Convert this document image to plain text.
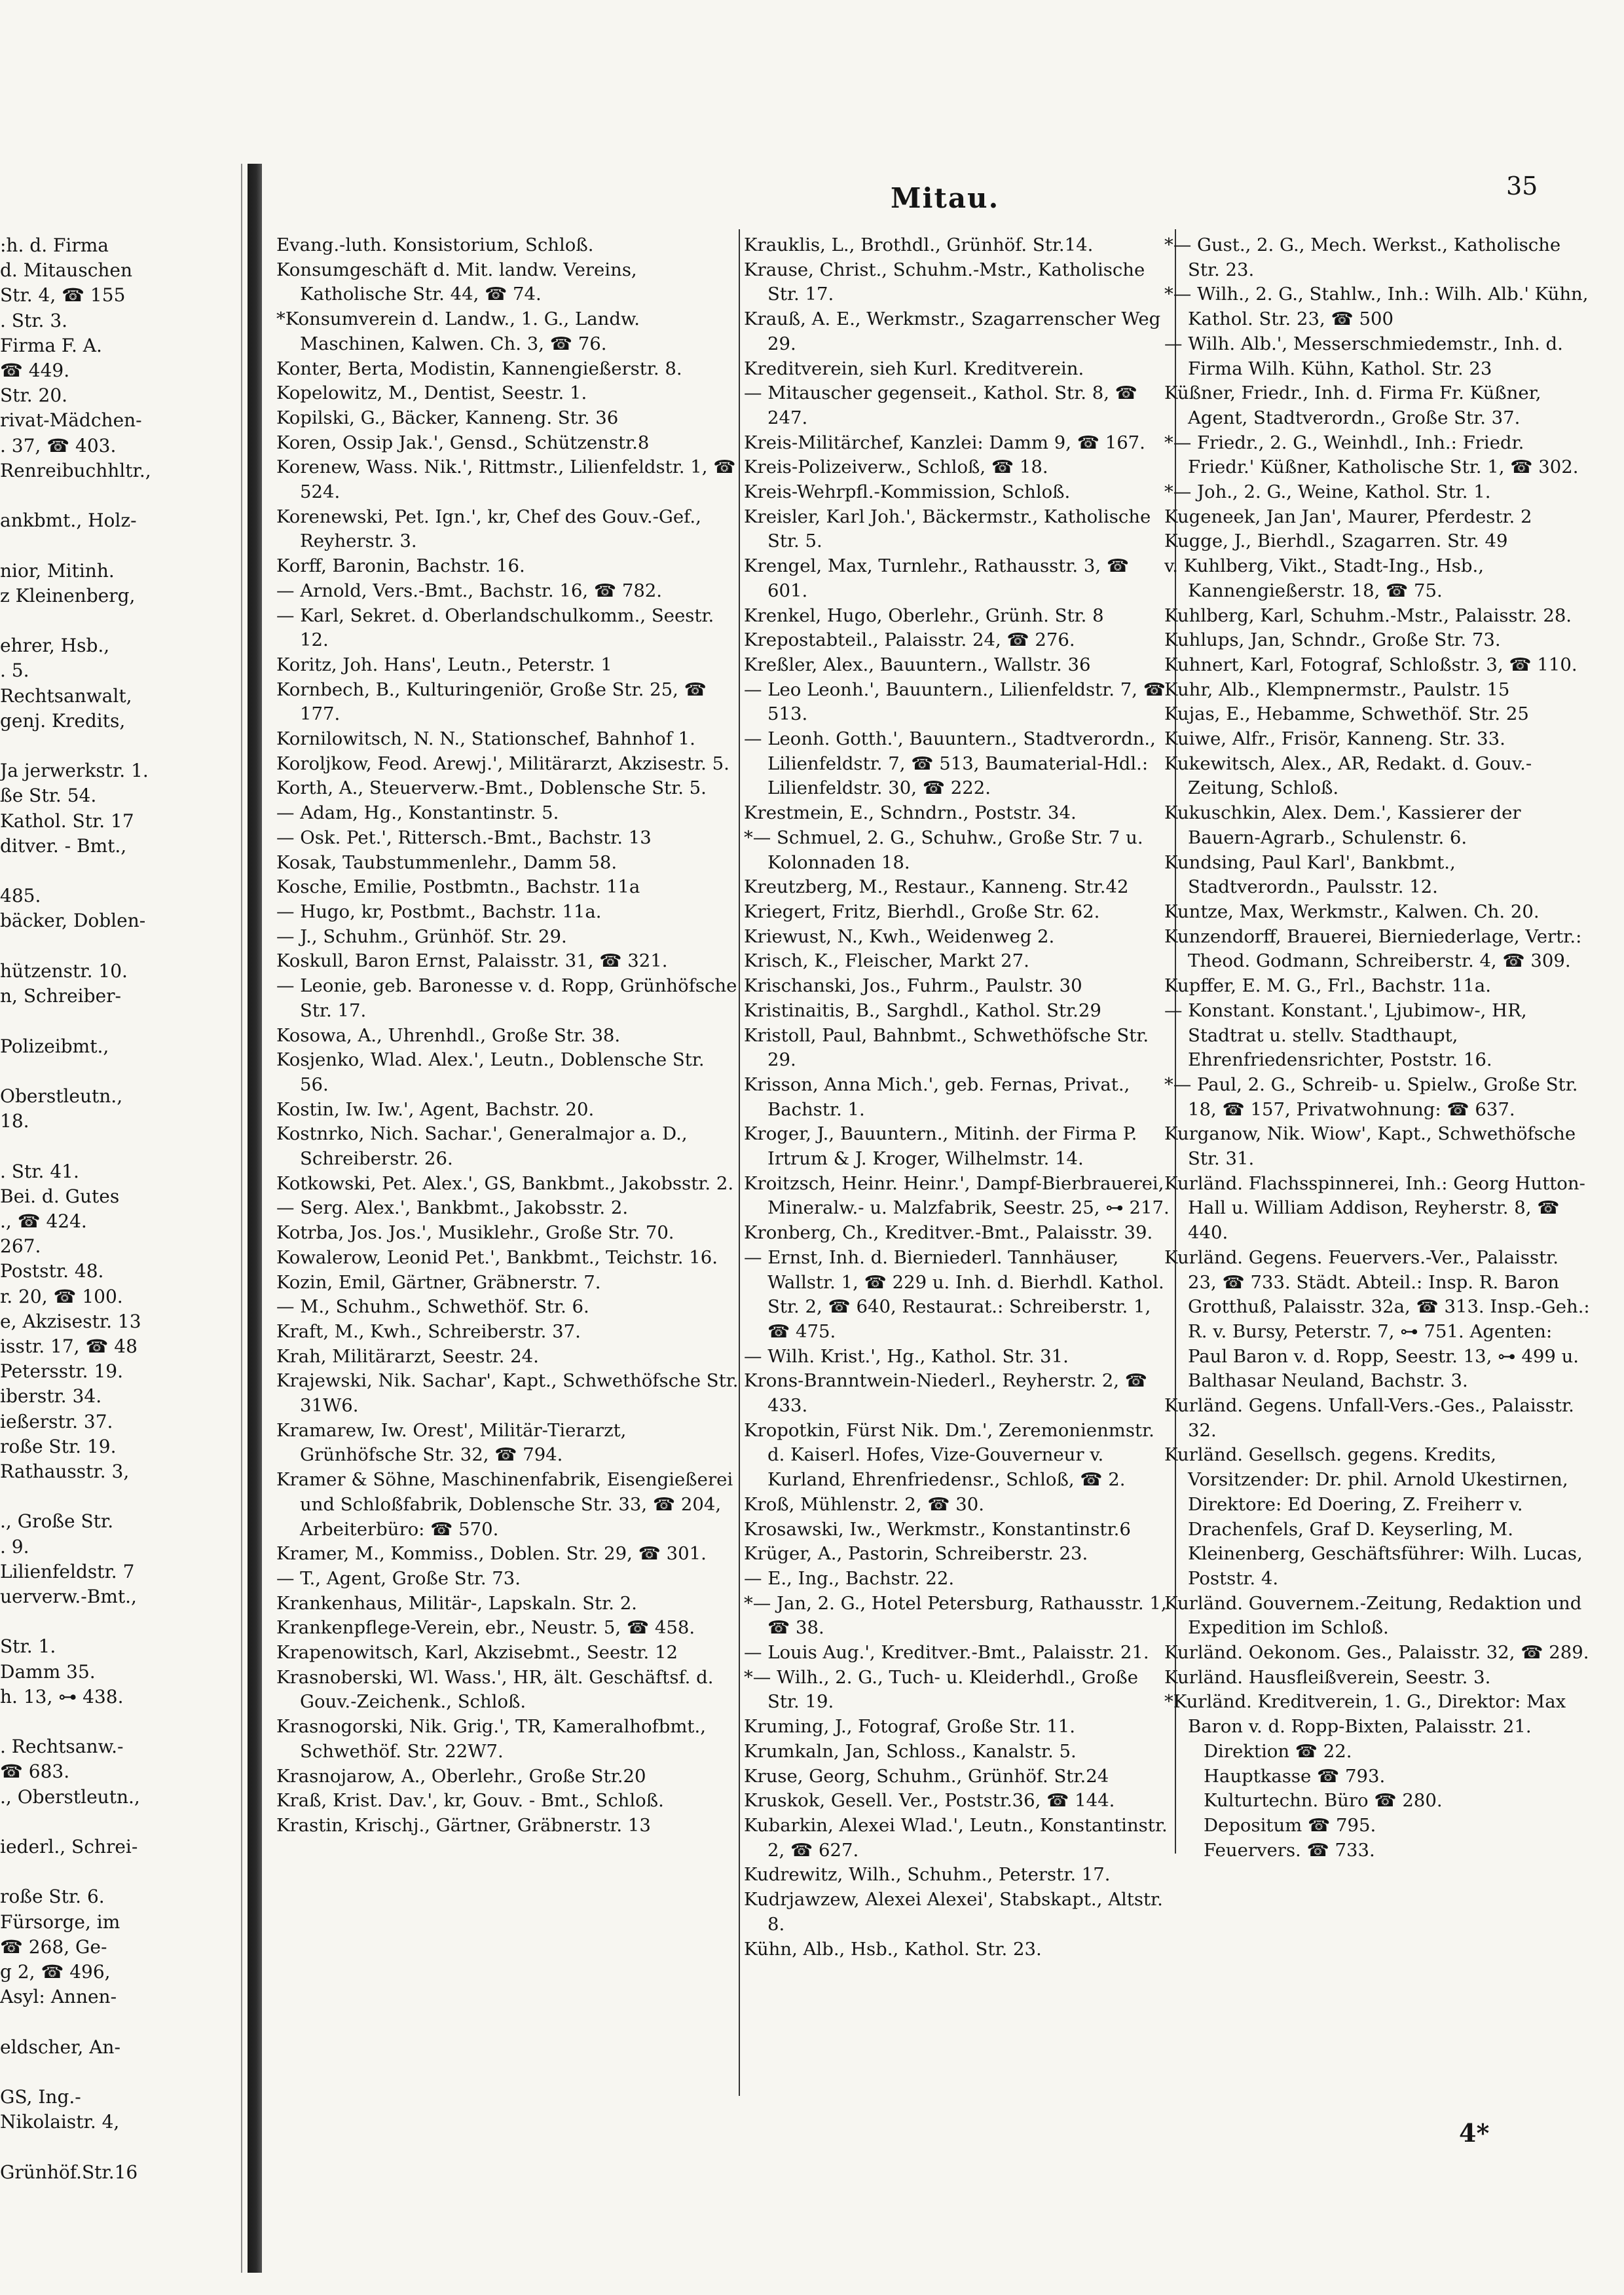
Mitau.	35

:h. d. Firma

d. Mitauschen

Str. 4, ☎ 155

. Str. 3.

Firma F. A.

☎ 449.

Str. 20.

rivat-Mädchen-

. 37, ☎ 403.

Renreibuchhltr.,

ankbmt., Holz-

nior, Mitinh.

z Kleinenberg,

ehrer, Hsb.,

. 5.

Rechtsanwalt,

genj. Kredits,

Ja jerwerkstr. 1.

ße Str. 54.

Kathol. Str. 17

ditver. - Bmt.,

485.

bäcker, Doblen-

hützenstr. 10.

n, Schreiber-

Polizeibmt.,

Oberstleutn.,

18.

. Str. 41.

Bei. d. Gutes

., ☎ 424.

267.

Poststr. 48.

r. 20, ☎ 100.

e, Akzisestr. 13

isstr. 17, ☎ 48

Petersstr. 19.

iberstr. 34.

ießerstr. 37.

roße Str. 19.

Rathausstr. 3,

., Große Str.

. 9.

Lilienfeldstr. 7

uerverw.-Bmt.,

Str. 1.

Damm 35.

h. 13, ⊶ 438.

. Rechtsanw.-

☎ 683.

., Oberstleutn.,

iederl., Schrei-

roße Str. 6.

Fürsorge, im

☎ 268, Ge-

g 2, ☎ 496,

Asyl: Annen-

eldscher, An-

GS, Ing.-

Nikolaistr. 4,

Grünhöf.Str.16

Evang.-luth. Konsistorium, Schloß.

Konsumgeschäft d. Mit. landw. Vereins, Katholische Str. 44, ☎ 74.

*Konsumverein d. Landw., 1. G., Landw. Maschinen, Kalwen. Ch. 3, ☎ 76.

Konter, Berta, Modistin, Kannengießerstr. 8.

Kopelowitz, M., Dentist, Seestr. 1.

Kopilski, G., Bäcker, Kanneng. Str. 36

Koren, Ossip Jak.', Gensd., Schützenstr.8

Korenew, Wass. Nik.', Rittmstr., Lilienfeldstr. 1, ☎ 524.

Korenewski, Pet. Ign.', kr, Chef des Gouv.-Gef., Reyherstr. 3.

Korff, Baronin, Bachstr. 16.

— Arnold, Vers.-Bmt., Bachstr. 16, ☎ 782.

— Karl, Sekret. d. Oberlandschulkomm., Seestr. 12.

Koritz, Joh. Hans', Leutn., Peterstr. 1

Kornbech, B., Kulturingeniör, Große Str. 25, ☎ 177.

Kornilowitsch, N. N., Stationschef, Bahnhof 1.

Koroljkow, Feod. Arewj.', Militärarzt, Akzisestr. 5.

Korth, A., Steuerverw.-Bmt., Doblensche Str. 5.

— Adam, Hg., Konstantinstr. 5.

— Osk. Pet.', Rittersch.-Bmt., Bachstr. 13

Kosak, Taubstummenlehr., Damm 58.

Kosche, Emilie, Postbmtn., Bachstr. 11a

— Hugo, kr, Postbmt., Bachstr. 11a.

— J., Schuhm., Grünhöf. Str. 29.

Koskull, Baron Ernst, Palaisstr. 31, ☎ 321.

— Leonie, geb. Baronesse v. d. Ropp, Grünhöfsche Str. 17.

Kosowa, A., Uhrenhdl., Große Str. 38.

Kosjenko, Wlad. Alex.', Leutn., Doblensche Str. 56.

Kostin, Iw. Iw.', Agent, Bachstr. 20.

Kostnrko, Nich. Sachar.', Generalmajor a. D., Schreiberstr. 26.

Kotkowski, Pet. Alex.', GS, Bankbmt., Jakobsstr. 2.

— Serg. Alex.', Bankbmt., Jakobsstr. 2.

Kotrba, Jos. Jos.', Musiklehr., Große Str. 70.

Kowalerow, Leonid Pet.', Bankbmt., Teichstr. 16.

Kozin, Emil, Gärtner, Gräbnerstr. 7.

— M., Schuhm., Schwethöf. Str. 6.

Kraft, M., Kwh., Schreiberstr. 37.

Krah, Militärarzt, Seestr. 24.

Krajewski, Nik. Sachar', Kapt., Schwethöfsche Str. 31W6.

Kramarew, Iw. Orest', Militär-Tierarzt, Grünhöfsche Str. 32, ☎ 794.

Kramer & Söhne, Maschinenfabrik, Eisengießerei und Schloßfabrik, Doblensche Str. 33, ☎ 204, Arbeiterbüro: ☎ 570.

Kramer, M., Kommiss., Doblen. Str. 29, ☎ 301.

— T., Agent, Große Str. 73.

Krankenhaus, Militär-, Lapskaln. Str. 2.

Krankenpflege-Verein, ebr., Neustr. 5, ☎ 458.

Krapenowitsch, Karl, Akzisebmt., Seestr. 12

Krasnoberski, Wl. Wass.', HR, ält. Geschäftsf. d. Gouv.-Zeichenk., Schloß.

Krasnogorski, Nik. Grig.', TR, Kameralhofbmt., Schwethöf. Str. 22W7.

Krasnojarow, A., Oberlehr., Große Str.20

Kraß, Krist. Dav.', kr, Gouv. - Bmt., Schloß.

Krastin, Krischj., Gärtner, Gräbnerstr. 13

Krauklis, L., Brothdl., Grünhöf. Str.14.

Krause, Christ., Schuhm.-Mstr., Katholische Str. 17.

Krauß, A. E., Werkmstr., Szagarrenscher Weg 29.

Kreditverein, sieh Kurl. Kreditverein.

— Mitauscher gegenseit., Kathol. Str. 8, ☎ 247.

Kreis-Militärchef, Kanzlei: Damm 9, ☎ 167.

Kreis-Polizeiverw., Schloß, ☎ 18.

Kreis-Wehrpfl.-Kommission, Schloß.

Kreisler, Karl Joh.', Bäckermstr., Katholische Str. 5.

Krengel, Max, Turnlehr., Rathausstr. 3, ☎ 601.

Krenkel, Hugo, Oberlehr., Grünh. Str. 8

Krepostabteil., Palaisstr. 24, ☎ 276.

Kreßler, Alex., Bauuntern., Wallstr. 36

— Leo Leonh.', Bauuntern., Lilienfeldstr. 7, ☎ 513.

— Leonh. Gotth.', Bauuntern., Stadtverordn., Lilienfeldstr. 7, ☎ 513, Baumaterial-Hdl.: Lilienfeldstr. 30, ☎ 222.

Krestmein, E., Schndrn., Poststr. 34.

*— Schmuel, 2. G., Schuhw., Große Str. 7 u. Kolonnaden 18.

Kreutzberg, M., Restaur., Kanneng. Str.42

Kriegert, Fritz, Bierhdl., Große Str. 62.

Kriewust, N., Kwh., Weidenweg 2.

Krisch, K., Fleischer, Markt 27.

Krischanski, Jos., Fuhrm., Paulstr. 30

Kristinaitis, B., Sarghdl., Kathol. Str.29

Kristoll, Paul, Bahnbmt., Schwethöfsche Str. 29.

Krisson, Anna Mich.', geb. Fernas, Privat., Bachstr. 1.

Kroger, J., Bauuntern., Mitinh. der Firma P. Irtrum & J. Kroger, Wilhelmstr. 14.

Kroitzsch, Heinr. Heinr.', Dampf-Bierbrauerei, Mineralw.- u. Malzfabrik, Seestr. 25, ⊶ 217.

Kronberg, Ch., Kreditver.-Bmt., Palaisstr. 39.

— Ernst, Inh. d. Bierniederl. Tannhäuser, Wallstr. 1, ☎ 229 u. Inh. d. Bierhdl. Kathol. Str. 2, ☎ 640, Restaurat.: Schreiberstr. 1, ☎ 475.

— Wilh. Krist.', Hg., Kathol. Str. 31.

Krons-Branntwein-Niederl., Reyherstr. 2, ☎ 433.

Kropotkin, Fürst Nik. Dm.', Zeremonienmstr. d. Kaiserl. Hofes, Vize-Gouverneur v. Kurland, Ehrenfriedensr., Schloß, ☎ 2.

Kroß, Mühlenstr. 2, ☎ 30.

Krosawski, Iw., Werkmstr., Konstantinstr.6

Krüger, A., Pastorin, Schreiberstr. 23.

— E., Ing., Bachstr. 22.

*— Jan, 2. G., Hotel Petersburg, Rathausstr. 1, ☎ 38.

— Louis Aug.', Kreditver.-Bmt., Palaisstr. 21.

*— Wilh., 2. G., Tuch- u. Kleiderhdl., Große Str. 19.

Kruming, J., Fotograf, Große Str. 11.

Krumkaln, Jan, Schloss., Kanalstr. 5.

Kruse, Georg, Schuhm., Grünhöf. Str.24

Kruskok, Gesell. Ver., Poststr.36, ☎ 144.

Kubarkin, Alexei Wlad.', Leutn., Konstantinstr. 2, ☎ 627.

Kudrewitz, Wilh., Schuhm., Peterstr. 17.

Kudrjawzew, Alexei Alexei', Stabskapt., Altstr. 8.

Kühn, Alb., Hsb., Kathol. Str. 23.

*— Gust., 2. G., Mech. Werkst., Katholische Str. 23.

*— Wilh., 2. G., Stahlw., Inh.: Wilh. Alb.' Kühn, Kathol. Str. 23, ☎ 500

— Wilh. Alb.', Messerschmiedemstr., Inh. d. Firma Wilh. Kühn, Kathol. Str. 23

Küßner, Friedr., Inh. d. Firma Fr. Küßner, Agent, Stadtverordn., Große Str. 37.

*— Friedr., 2. G., Weinhdl., Inh.: Friedr. Friedr.' Küßner, Katholische Str. 1, ☎ 302.

*— Joh., 2. G., Weine, Kathol. Str. 1.

Kugeneek, Jan Jan', Maurer, Pferdestr. 2

Kugge, J., Bierhdl., Szagarren. Str. 49

v. Kuhlberg, Vikt., Stadt-Ing., Hsb., Kannengießerstr. 18, ☎ 75.

Kuhlberg, Karl, Schuhm.-Mstr., Palaisstr. 28.

Kuhlups, Jan, Schndr., Große Str. 73.

Kuhnert, Karl, Fotograf, Schloßstr. 3, ☎ 110.

Kuhr, Alb., Klempnermstr., Paulstr. 15

Kujas, E., Hebamme, Schwethöf. Str. 25

Kuiwe, Alfr., Frisör, Kanneng. Str. 33.

Kukewitsch, Alex., AR, Redakt. d. Gouv.-Zeitung, Schloß.

Kukuschkin, Alex. Dem.', Kassierer der Bauern-Agrarb., Schulenstr. 6.

Kundsing, Paul Karl', Bankbmt., Stadtverordn., Paulsstr. 12.

Kuntze, Max, Werkmstr., Kalwen. Ch. 20.

Kunzendorff, Brauerei, Bierniederlage, Vertr.: Theod. Godmann, Schreiberstr. 4, ☎ 309.

Kupffer, E. M. G., Frl., Bachstr. 11a.

— Konstant. Konstant.', Ljubimow-, HR, Stadtrat u. stellv. Stadthaupt, Ehrenfriedensrichter, Poststr. 16.

*— Paul, 2. G., Schreib- u. Spielw., Große Str. 18, ☎ 157, Privatwohnung: ☎ 637.

Kurganow, Nik. Wiow', Kapt., Schwethöfsche Str. 31.

Kurländ. Flachsspinnerei, Inh.: Georg Hutton-Hall u. William Addison, Reyherstr. 8, ☎ 440.

Kurländ. Gegens. Feuervers.-Ver., Palaisstr. 23, ☎ 733. Städt. Abteil.: Insp. R. Baron Grotthuß, Palaisstr. 32a, ☎ 313. Insp.-Geh.: R. v. Bursy, Peterstr. 7, ⊶ 751. Agenten: Paul Baron v. d. Ropp, Seestr. 13, ⊶ 499 u. Balthasar Neuland, Bachstr. 3.

Kurländ. Gegens. Unfall-Vers.-Ges., Palaisstr. 32.

Kurländ. Gesellsch. gegens. Kredits, Vorsitzender: Dr. phil. Arnold Ukestirnen, Direktore: Ed Doering, Z. Freiherr v. Drachenfels, Graf D. Keyserling, M. Kleinenberg, Geschäftsführer: Wilh. Lucas, Poststr. 4.

Kurländ. Gouvernem.-Zeitung, Redaktion und Expedition im Schloß.

Kurländ. Oekonom. Ges., Palaisstr. 32, ☎ 289.

Kurländ. Hausfleißverein, Seestr. 3.

*Kurländ. Kreditverein, 1. G., Direktor: Max Baron v. d. Ropp-Bixten, Palaisstr. 21.

Direktion ☎ 22.

Hauptkasse ☎ 793.

Kulturtechn. Büro ☎ 280.

Depositum ☎ 795.

Feuervers. ☎ 733.

4*
